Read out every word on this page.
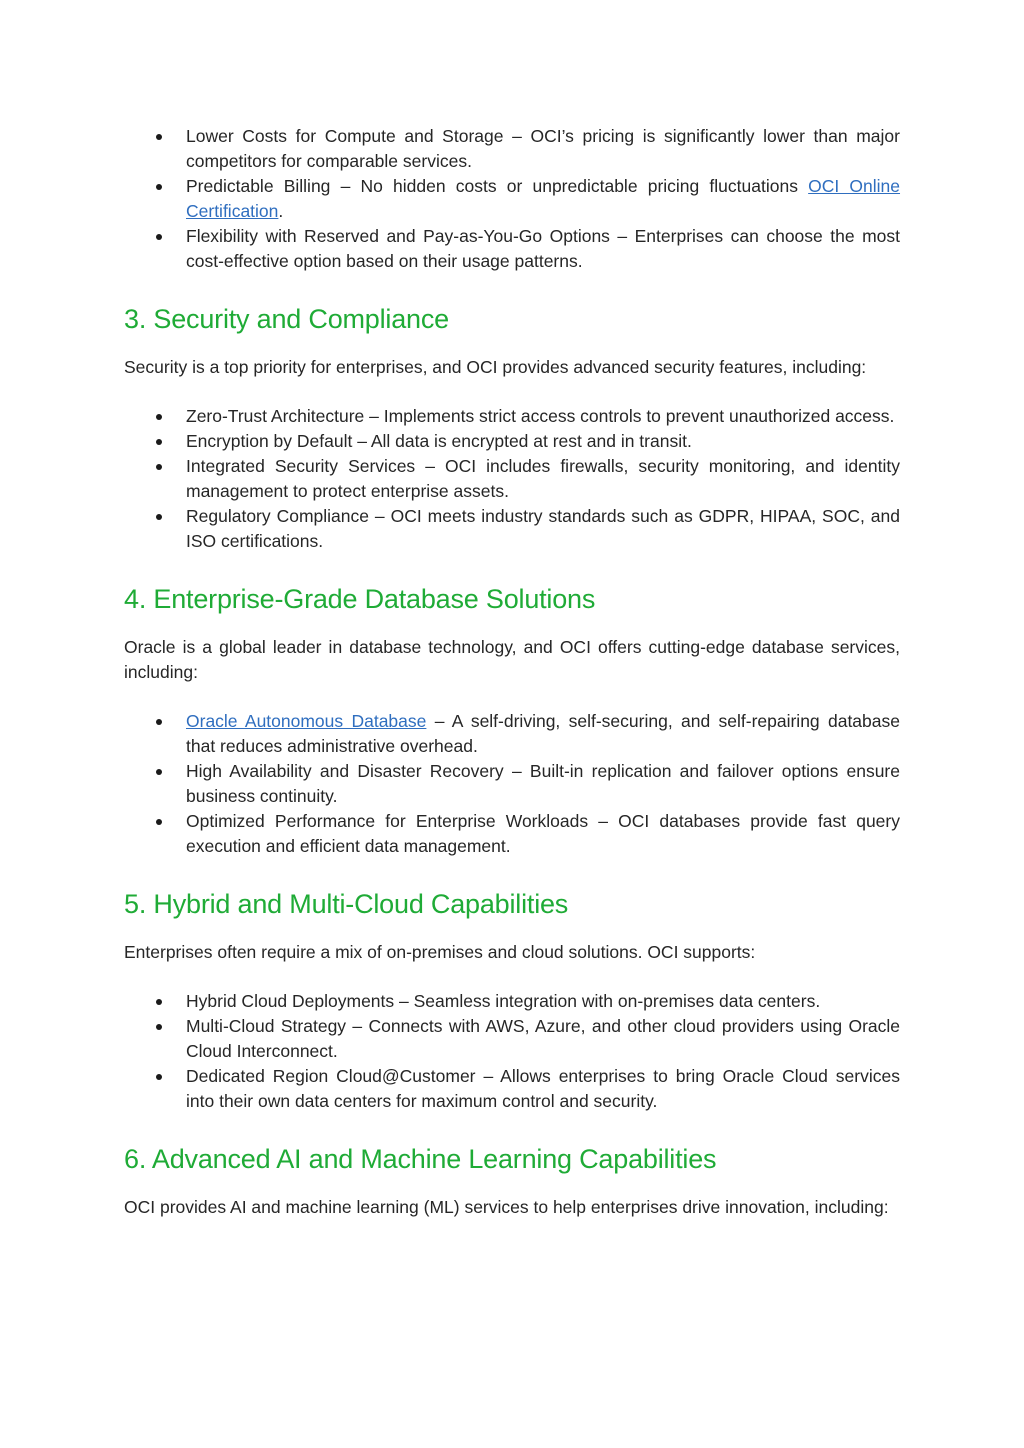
Lower Costs for Compute and Storage – OCI’s pricing is significantly lower than major competitors for comparable services.
Predictable Billing – No hidden costs or unpredictable pricing fluctuations OCI Online Certification.
Flexibility with Reserved and Pay-as-You-Go Options – Enterprises can choose the most cost-effective option based on their usage patterns.
3. Security and Compliance

Security is a top priority for enterprises, and OCI provides advanced security features, including:

Zero-Trust Architecture – Implements strict access controls to prevent unauthorized access.
Encryption by Default – All data is encrypted at rest and in transit.
Integrated Security Services – OCI includes firewalls, security monitoring, and identity management to protect enterprise assets.
Regulatory Compliance – OCI meets industry standards such as GDPR, HIPAA, SOC, and ISO certifications.
4. Enterprise-Grade Database Solutions

Oracle is a global leader in database technology, and OCI offers cutting-edge database services, including:

Oracle Autonomous Database – A self-driving, self-securing, and self-repairing database that reduces administrative overhead.
High Availability and Disaster Recovery – Built-in replication and failover options ensure business continuity.
Optimized Performance for Enterprise Workloads – OCI databases provide fast query execution and efficient data management.
5. Hybrid and Multi-Cloud Capabilities

Enterprises often require a mix of on-premises and cloud solutions. OCI supports:

Hybrid Cloud Deployments – Seamless integration with on-premises data centers.
Multi-Cloud Strategy – Connects with AWS, Azure, and other cloud providers using Oracle Cloud Interconnect.
Dedicated Region Cloud@Customer – Allows enterprises to bring Oracle Cloud services into their own data centers for maximum control and security.
6. Advanced AI and Machine Learning Capabilities

OCI provides AI and machine learning (ML) services to help enterprises drive innovation, including:
